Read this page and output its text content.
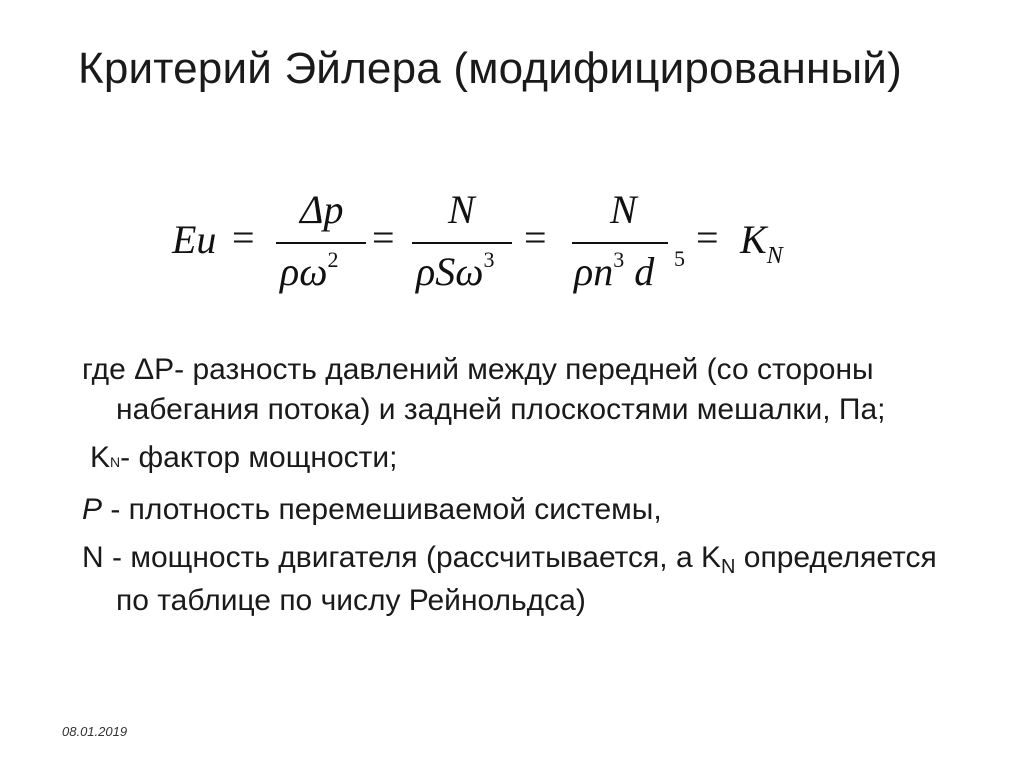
Критерий Эйлера (модифицированный)
Eu =
Δp
$\rho\omega^2$ =
N
ρSω$^3$ =
N
$\rho n^3$ d $5 = K_N$

где ΔP- разность давлений между передней (со стороны набегания потока) и задней плоскостями мешалки, Па;

KN- фактор мощности;

Р - плотность перемешиваемой системы,

N - мощность двигателя (рассчитывается, а $K_N$ определяется по таблице по числу Рейнольдса)

08.01.2019
